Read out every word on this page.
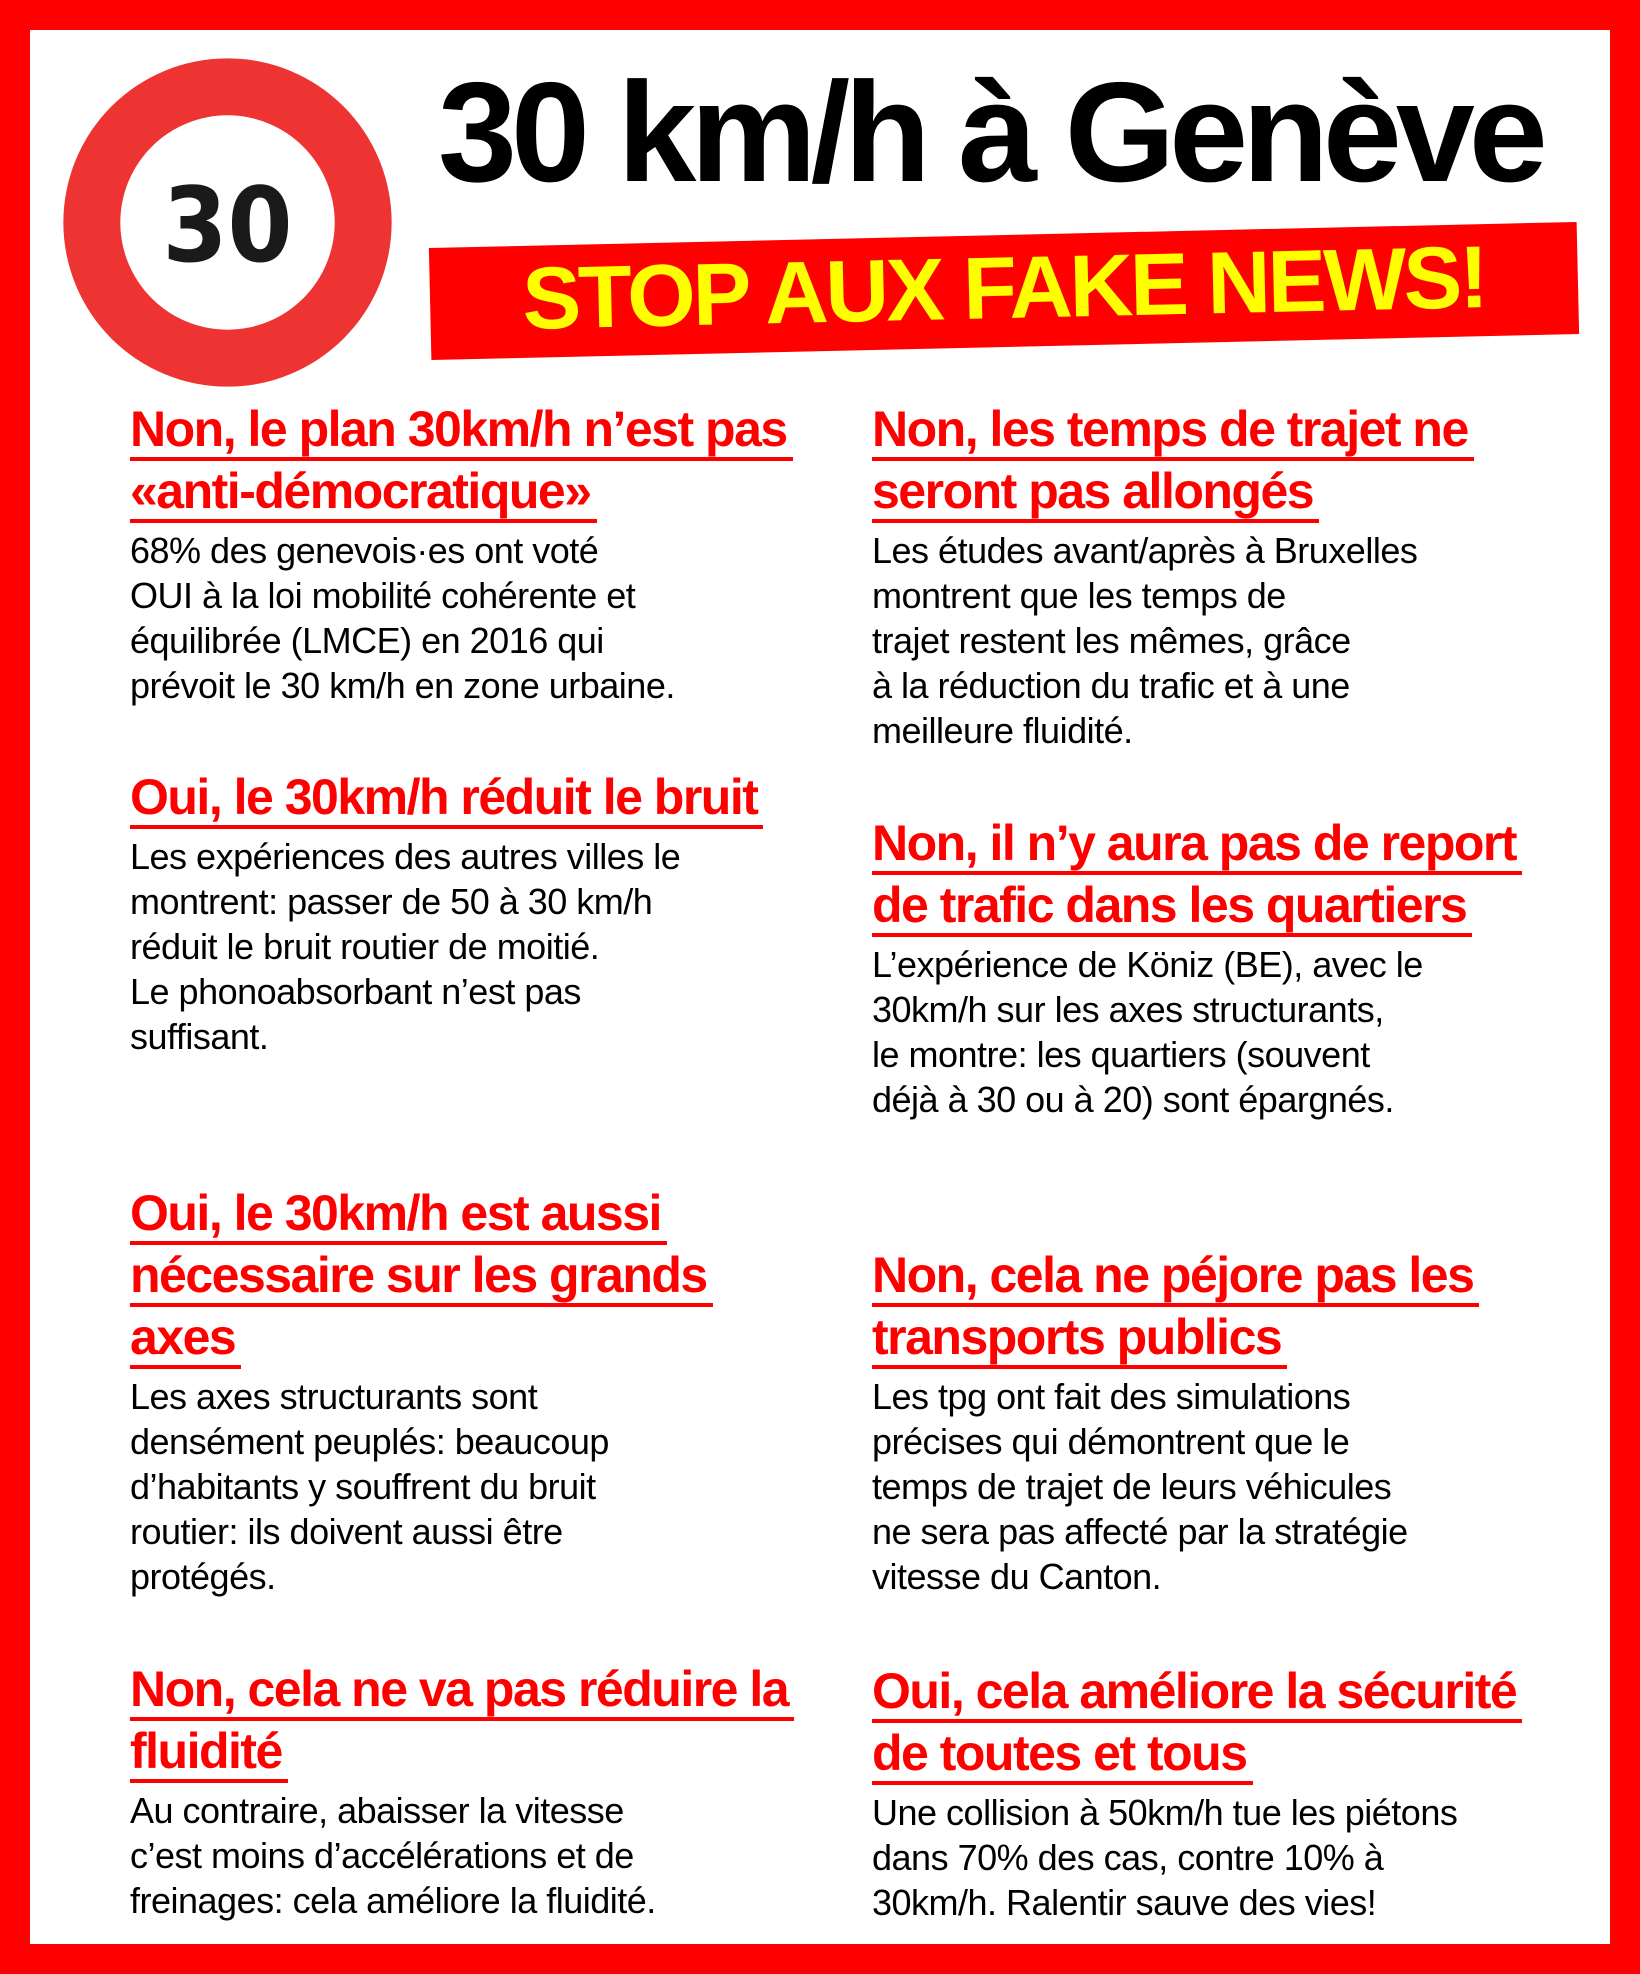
30
30 km/h à Genève
STOP AUX FAKE NEWS!
Non, le plan 30km/h n’est pas «anti-démocratique»

68% des genevois·es ont voté
OUI à la loi mobilité cohérente et
équilibrée (LMCE) en 2016 qui
prévoit le 30 km/h en zone urbaine.

Oui, le 30km/h réduit le bruit

Les expériences des autres villes le
montrent: passer de 50 à 30 km/h
réduit le bruit routier de moitié.
Le phonoabsorbant n’est pas
suffisant.

Oui, le 30km/h est aussi nécessaire sur les grands axes

Les axes structurants sont
densément peuplés: beaucoup
d’habitants y souffrent du bruit
routier: ils doivent aussi être
protégés.

Non, cela ne va pas réduire la fluidité

Au contraire, abaisser la vitesse
c’est moins d’accélérations et de
freinages: cela améliore la fluidité.

Non, les temps de trajet ne seront pas allongés

Les études avant/après à Bruxelles
montrent que les temps de
trajet restent les mêmes, grâce
à la réduction du trafic et à une
meilleure fluidité.

Non, il n’y aura pas de report de trafic dans les quartiers

L’expérience de Köniz (BE), avec le
30km/h sur les axes structurants,
le montre: les quartiers (souvent
déjà à 30 ou à 20) sont épargnés.

Non, cela ne péjore pas les transports publics

Les tpg ont fait des simulations
précises qui démontrent que le
temps de trajet de leurs véhicules
ne sera pas affecté par la stratégie
vitesse du Canton.

Oui, cela améliore la sécurité de toutes et tous

Une collision à 50km/h tue les piétons
dans 70% des cas, contre 10% à
30km/h. Ralentir sauve des vies!
